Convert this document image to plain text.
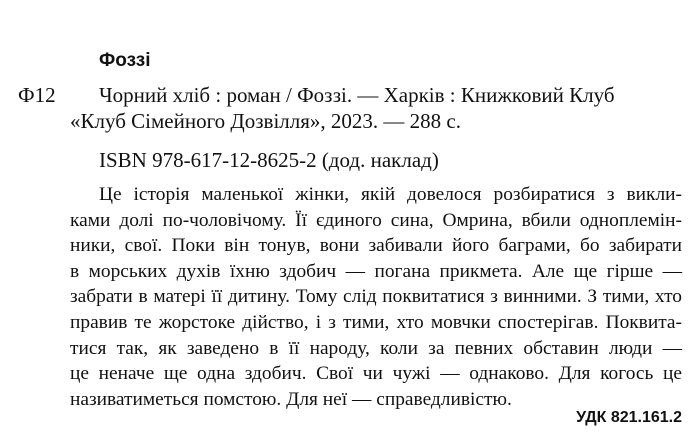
Фоззі
Ф12 Чорний хліб : роман / Фоззі. — Харків : Книжковий Клуб
«Клуб Сімейного Дозвілля», 2023. — 288 с.
ISBN 978-617-12-8625-2 (дод. наклад)
Це історія маленької жінки, якій довелося розбиратися з викли-
ками долі по-чоловічому. Її єдиного сина, Омрина, вбили одноплемін-
ники, свої. Поки він тонув, вони забивали його баграми, бо забирати
в морських духів їхню здобич — погана прикмета. Але ще гірше —
забрати в матері її дитину. Тому слід поквитатися з винними. З тими, хто
правив те жорстоке дійство, і з тими, хто мовчки спостерігав. Поквита-
тися так, як заведено в її народу, коли за певних обставин люди —
це неначе ще одна здобич. Свої чи чужі — однаково. Для когось це
називатиметься помстою. Для неї — справедливістю.
УДК 821.161.2
